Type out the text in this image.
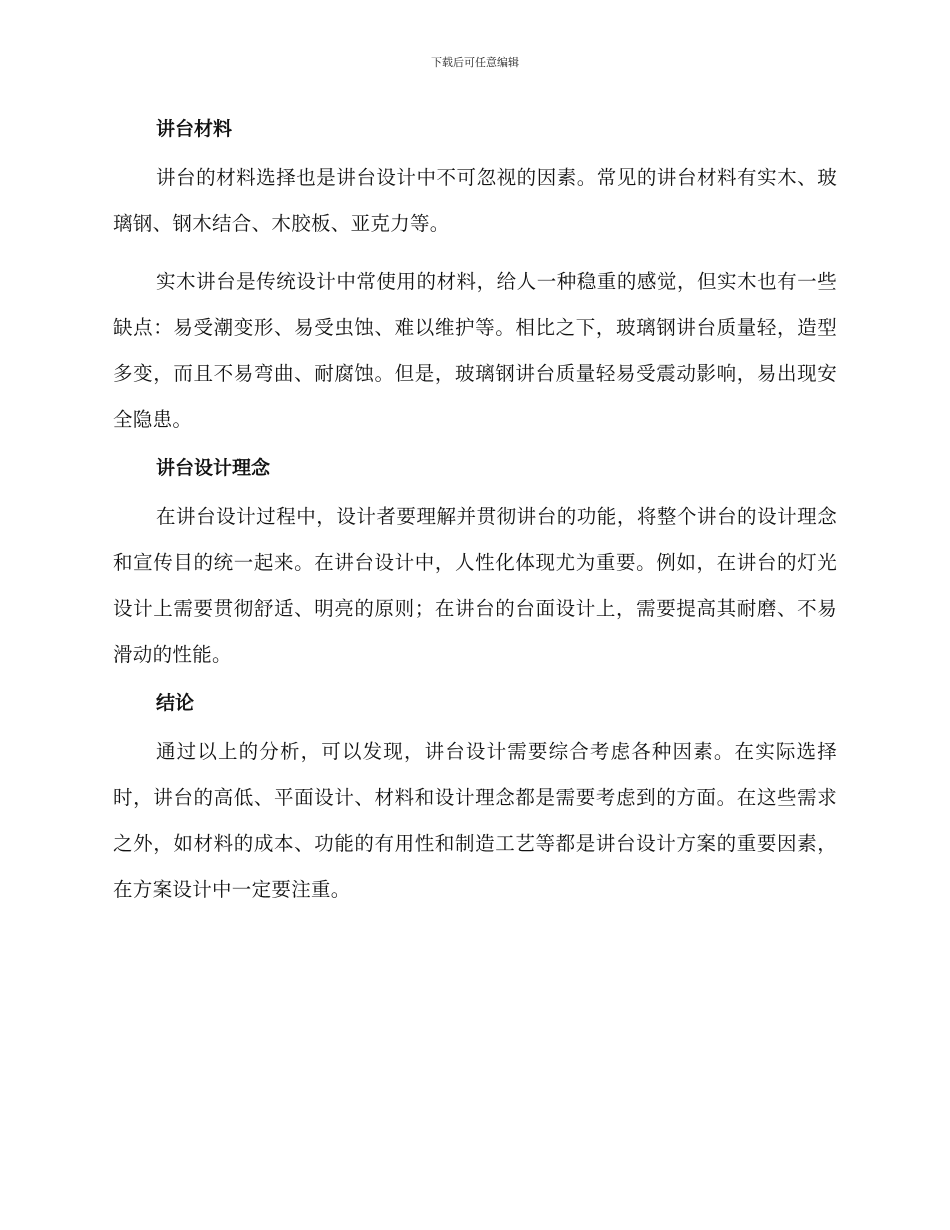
下载后可任意编辑
讲台材料

讲台的材料选择也是讲台设计中不可忽视的因素。常见的讲台材料有实木、玻璃钢、钢木结合、木胶板、亚克力等。

实木讲台是传统设计中常使用的材料，给人一种稳重的感觉，但实木也有一些缺点：易受潮变形、易受虫蚀、难以维护等。相比之下，玻璃钢讲台质量轻，造型多变，而且不易弯曲、耐腐蚀。但是，玻璃钢讲台质量轻易受震动影响，易出现安全隐患。

讲台设计理念

在讲台设计过程中，设计者要理解并贯彻讲台的功能，将整个讲台的设计理念和宣传目的统一起来。在讲台设计中，人性化体现尤为重要。例如，在讲台的灯光设计上需要贯彻舒适、明亮的原则；在讲台的台面设计上，需要提高其耐磨、不易滑动的性能。

结论

通过以上的分析，可以发现，讲台设计需要综合考虑各种因素。在实际选择时，讲台的高低、平面设计、材料和设计理念都是需要考虑到的方面。在这些需求之外，如材料的成本、功能的有用性和制造工艺等都是讲台设计方案的重要因素，在方案设计中一定要注重。
